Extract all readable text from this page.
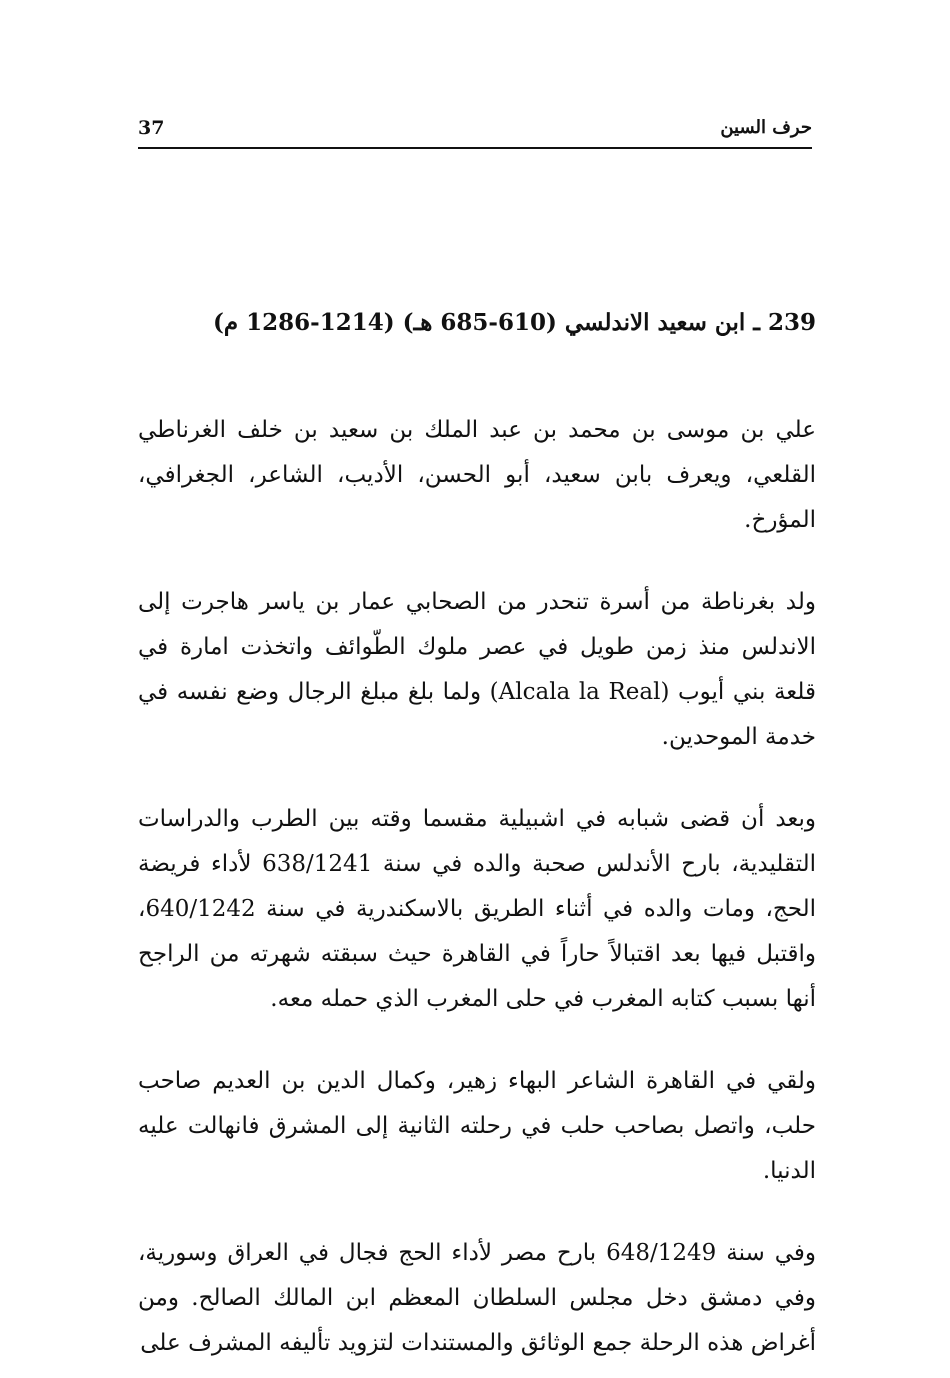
37	حرف السين
239 ـ ابن سعيد الاندلسي (610-685 هـ) (1214-1286 م)

علي بن موسى بن محمد بن عبد الملك بن سعيد بن خلف الغرناطي القلعي، ويعرف بابن سعيد، أبو الحسن، الأديب، الشاعر، الجغرافي، المؤرخ.

ولد بغرناطة من أسرة تنحدر من الصحابي عمار بن ياسر هاجرت إلى الاندلس منذ زمن طويل في عصر ملوك الطّوائف واتخذت امارة في قلعة بني أيوب (Alcala la Real) ولما بلغ مبلغ الرجال وضع نفسه في خدمة الموحدين.

وبعد أن قضى شبابه في اشبيلية مقسما وقته بين الطرب والدراسات التقليدية، بارح الأندلس صحبة والده في سنة 638/1241 لأداء فريضة الحج، ومات والده في أثناء الطريق بالاسكندرية في سنة 640/1242، واقتبل فيها بعد اقتبالاً حاراً في القاهرة حيث سبقته شهرته من الراجح أنها بسبب كتابه المغرب في حلى المغرب الذي حمله معه.

ولقي في القاهرة الشاعر البهاء زهير، وكمال الدين بن العديم صاحب حلب، واتصل بصاحب حلب في رحلته الثانية إلى المشرق فانهالت عليه الدنيا.

وفي سنة 648/1249 بارح مصر لأداء الحج فجال في العراق وسورية، وفي دمشق دخل مجلس السلطان المعظم ابن المالك الصالح. ومن أغراض هذه الرحلة جمع الوثائق والمستندات لتزويد تأليفه المشرف على
